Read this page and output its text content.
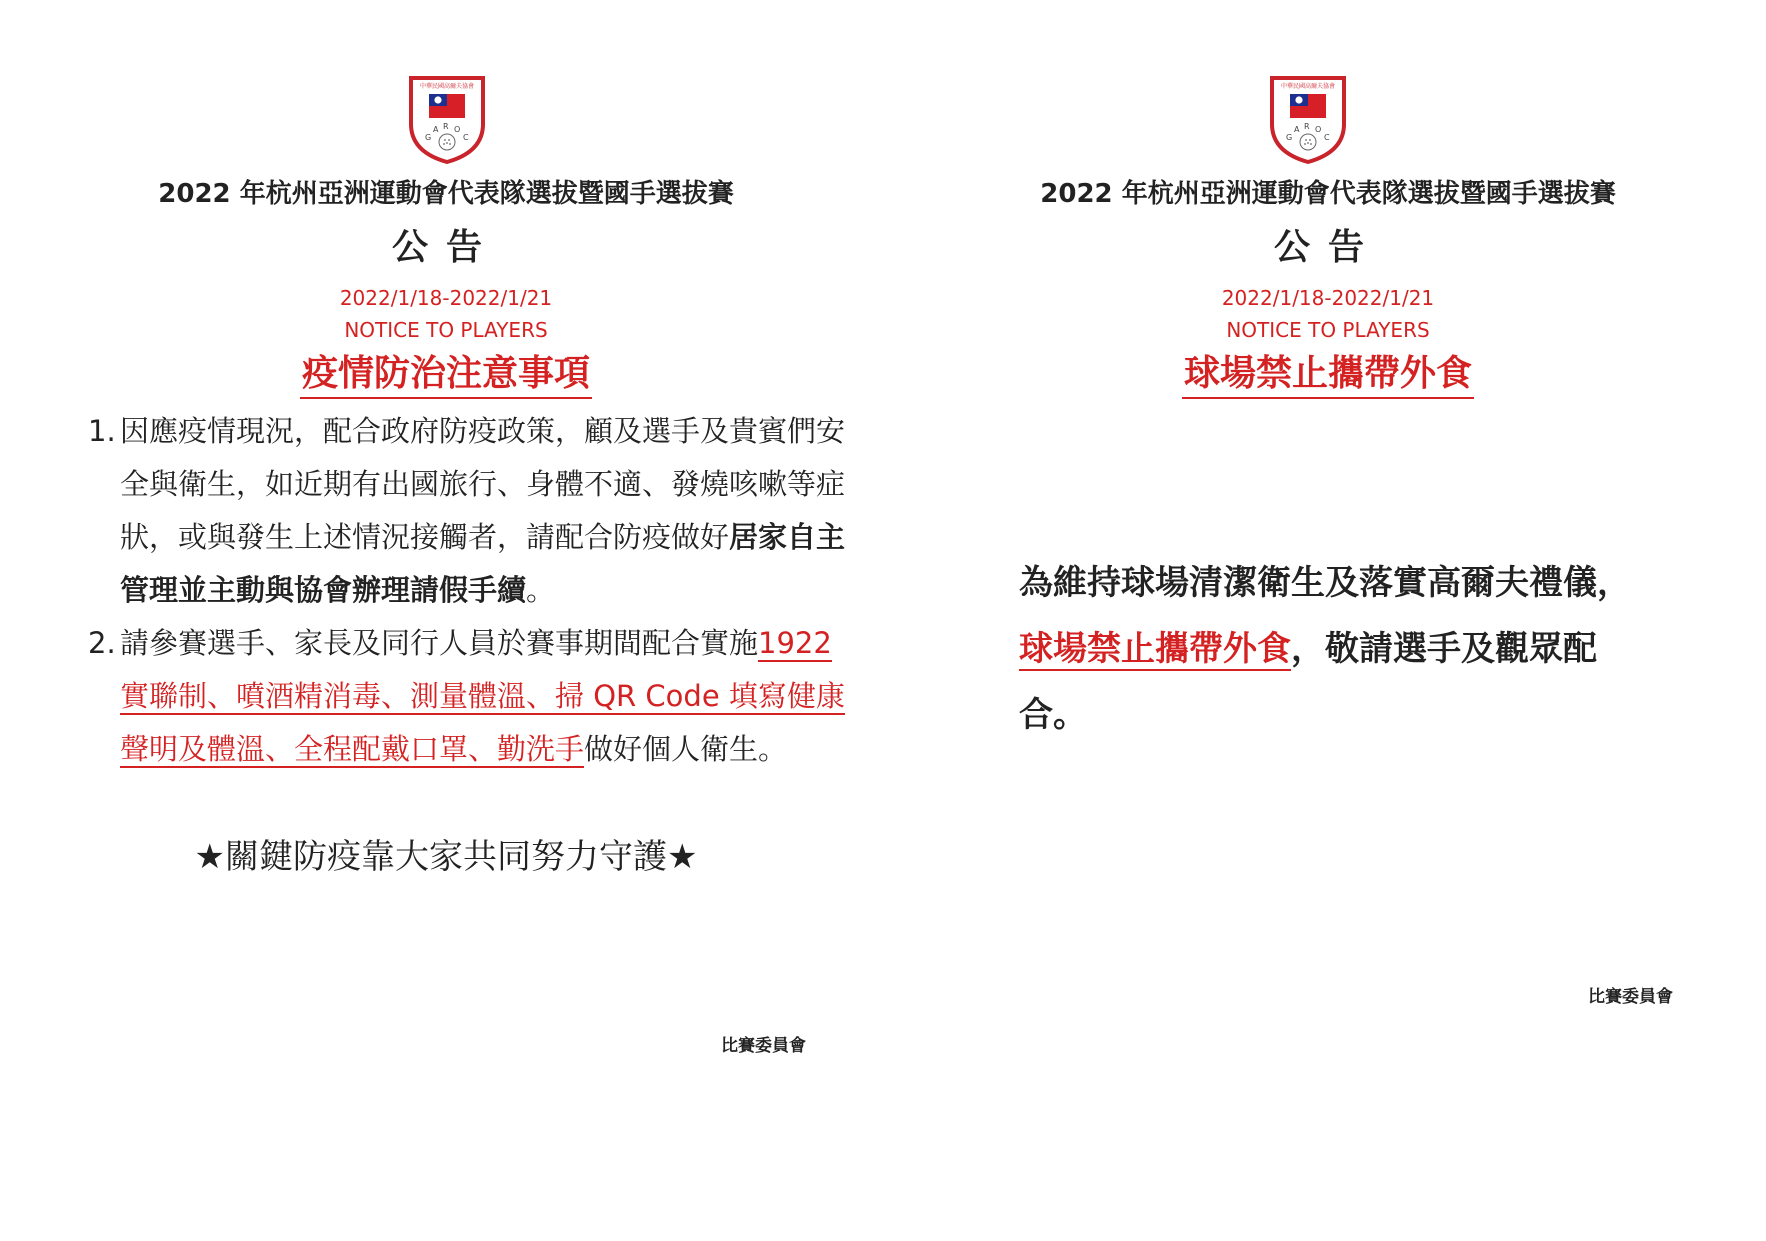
中華民國高爾夫協會
G
A R O
C
2022 年杭州亞洲運動會代表隊選拔暨國手選拔賽
公告
2022/1/18-2022/1/21
NOTICE TO PLAYERS
疫情防治注意事項
1. 因應疫情現況，配合政府防疫政策，顧及選手及貴賓們安全與衛生，如近期有出國旅行、身體不適、發燒咳嗽等症狀，或與發生上述情況接觸者，請配合防疫做好居家自主管理並主動與協會辦理請假手續。
2. 請參賽選手、家長及同行人員於賽事期間配合實施1922 實聯制、噴酒精消毒、測量體溫、掃 QR Code 填寫健康聲明及體溫、全程配戴口罩、勤洗手做好個人衛生。
★關鍵防疫靠大家共同努力守護★
比賽委員會
中華民國高爾夫協會
G
A R O
C
2022 年杭州亞洲運動會代表隊選拔暨國手選拔賽
公告
2022/1/18-2022/1/21
NOTICE TO PLAYERS
球場禁止攜帶外食
為維持球場清潔衛生及落實高爾夫禮儀，球場禁止攜帶外食，敬請選手及觀眾配合。
比賽委員會
